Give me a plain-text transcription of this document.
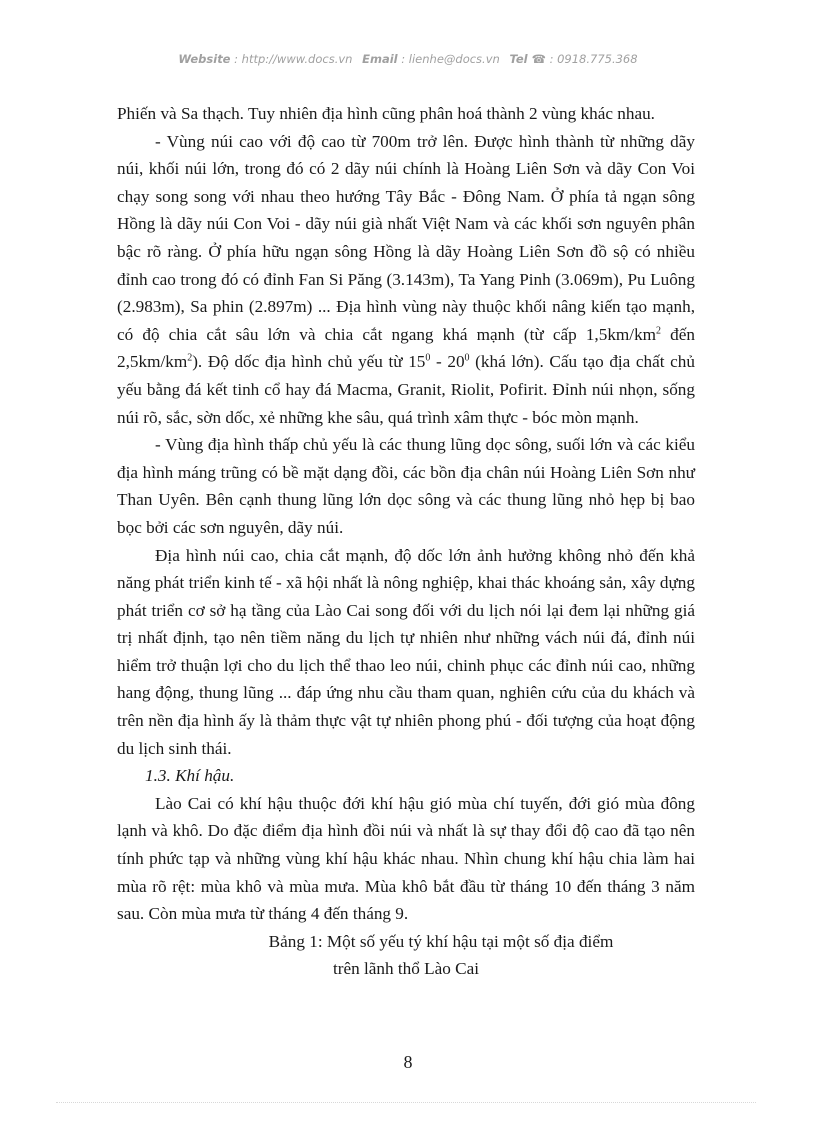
Website : http://www.docs.vn Email : lienhe@docs.vn Tel ☎ : 0918.775.368

Phiến và Sa thạch. Tuy nhiên địa hình cũng phân hoá thành 2 vùng khác nhau.

- Vùng núi cao với độ cao từ 700m trở lên. Được hình thành từ những dãy núi, khối núi lớn, trong đó có 2 dãy núi chính là Hoàng Liên Sơn và dãy Con Voi chạy song song với nhau theo hướng Tây Bắc - Đông Nam. Ở phía tả ngạn sông Hồng là dãy núi Con Voi - dãy núi già nhất Việt Nam và các khối sơn nguyên phân bậc rõ ràng. Ở phía hữu ngạn sông Hồng là dãy Hoàng Liên Sơn đồ sộ có nhiều đỉnh cao trong đó có đỉnh Fan Si Păng (3.143m), Ta Yang Pinh (3.069m), Pu Luông (2.983m), Sa phin (2.897m) ... Địa hình vùng này thuộc khối nâng kiến tạo mạnh, có độ chia cắt sâu lớn và chia cắt ngang khá mạnh (từ cấp $1,5km/km^2$ đến $2,5km/km^2$). Độ dốc địa hình chủ yếu từ $15^0 - 20^0$ (khá lớn). Cấu tạo địa chất chủ yếu bằng đá kết tinh cổ hay đá Macma, Granit, Riolit, Pofirit. Đỉnh núi nhọn, sống núi rõ, sắc, sờn dốc, xẻ những khe sâu, quá trình xâm thực - bóc mòn mạnh.

- Vùng địa hình thấp chủ yếu là các thung lũng dọc sông, suối lớn và các kiểu địa hình máng trũng có bề mặt dạng đồi, các bồn địa chân núi Hoàng Liên Sơn như Than Uyên. Bên cạnh thung lũng lớn dọc sông và các thung lũng nhỏ hẹp bị bao bọc bởi các sơn nguyên, dãy núi.

Địa hình núi cao, chia cắt mạnh, độ dốc lớn ảnh hưởng không nhỏ đến khả năng phát triển kinh tế - xã hội nhất là nông nghiệp, khai thác khoáng sản, xây dựng phát triển cơ sở hạ tầng của Lào Cai song đối với du lịch nói lại đem lại những giá trị nhất định, tạo nên tiềm năng du lịch tự nhiên như những vách núi đá, đỉnh núi hiểm trở thuận lợi cho du lịch thể thao leo núi, chinh phục các đỉnh núi cao, những hang động, thung lũng ... đáp ứng nhu cầu tham quan, nghiên cứu của du khách và trên nền địa hình ấy là thảm thực vật tự nhiên phong phú - đối tượng của hoạt động du lịch sinh thái.

1.3. Khí hậu.

Lào Cai có khí hậu thuộc đới khí hậu gió mùa chí tuyến, đới gió mùa đông lạnh và khô. Do đặc điểm địa hình đồi núi và nhất là sự thay đổi độ cao đã tạo nên tính phức tạp và những vùng khí hậu khác nhau. Nhìn chung khí hậu chia làm hai mùa rõ rệt: mùa khô và mùa mưa. Mùa khô bắt đầu từ tháng 10 đến tháng 3 năm sau. Còn mùa mưa từ tháng 4 đến tháng 9.

Bảng 1: Một số yếu tý khí hậu tại một số địa điểm

trên lãnh thổ Lào Cai

8
